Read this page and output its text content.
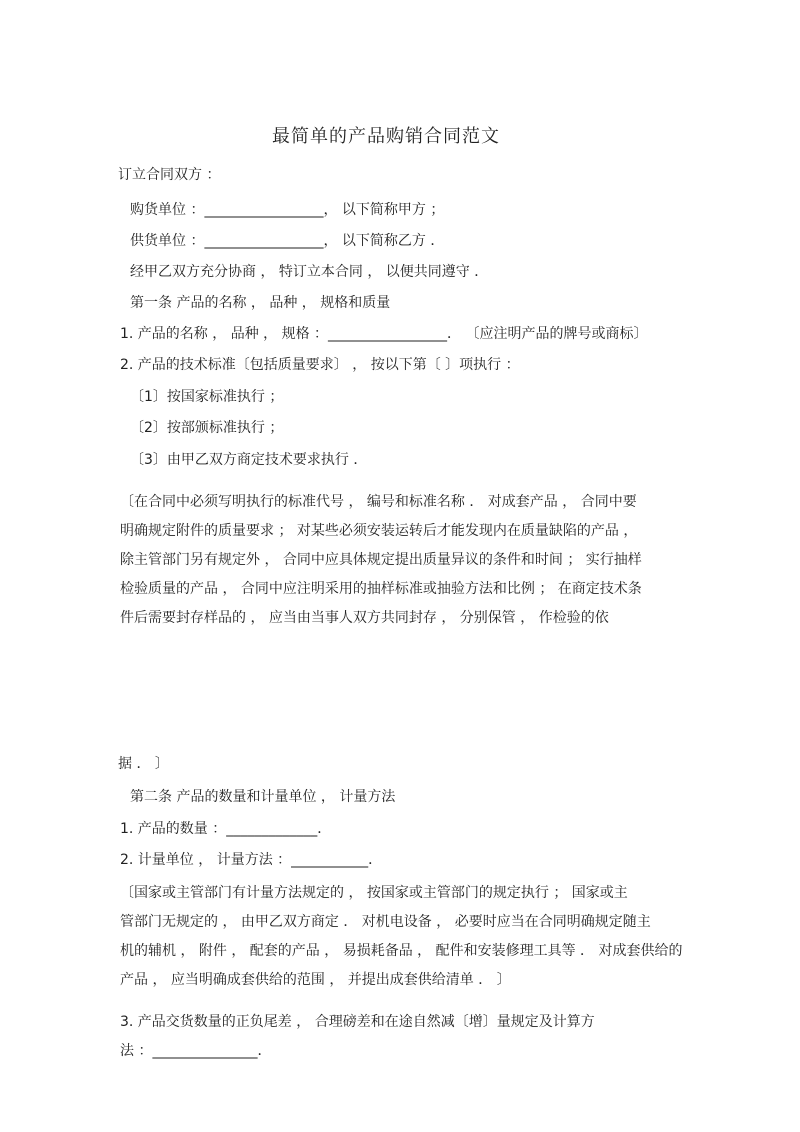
最简单的产品购销合同范文
订立合同双方 ：
购货单位 ：_________________， 以下简称甲方 ；
供货单位 ：_________________， 以下简称乙方 ．
经甲乙双方充分协商 ， 特订立本合同 ， 以便共同遵守 ．
第一条 产品的名称 ， 品种 ， 规格和质量
1. 产品的名称 ， 品种 ， 规格 ：_________________． 〔应注明产品的牌号或商标〕
2. 产品的技术标准〔包括质量要求〕 ， 按以下第〔 〕项执行 ：
〔1〕按国家标准执行 ；
〔2〕按部颁标准执行 ；
〔3〕由甲乙双方商定技术要求执行 ．
〔在合同中必须写明执行的标准代号 ， 编号和标准名称 ． 对成套产品 ， 合同中要
明确规定附件的质量要求 ； 对某些必须安装运转后才能发现内在质量缺陷的产品 ，
除主管部门另有规定外 ， 合同中应具体规定提出质量异议的条件和时间 ； 实行抽样
检验质量的产品 ， 合同中应注明采用的抽样标准或抽验方法和比例 ； 在商定技术条
件后需要封存样品的 ， 应当由当事人双方共同封存 ， 分别保管 ， 作检验的依
据 ． 〕
第二条 产品的数量和计量单位 ， 计量方法
1. 产品的数量 ：_____________．
2. 计量单位 ， 计量方法 ：___________．
〔国家或主管部门有计量方法规定的 ， 按国家或主管部门的规定执行 ； 国家或主
管部门无规定的 ， 由甲乙双方商定 ． 对机电设备 ， 必要时应当在合同明确规定随主
机的辅机 ， 附件 ， 配套的产品 ， 易损耗备品 ， 配件和安装修理工具等 ． 对成套供给的
产品 ， 应当明确成套供给的范围 ， 并提出成套供给清单 ． 〕
3. 产品交货数量的正负尾差 ， 合理磅差和在途自然减〔增〕量规定及计算方
法 ：_______________．
